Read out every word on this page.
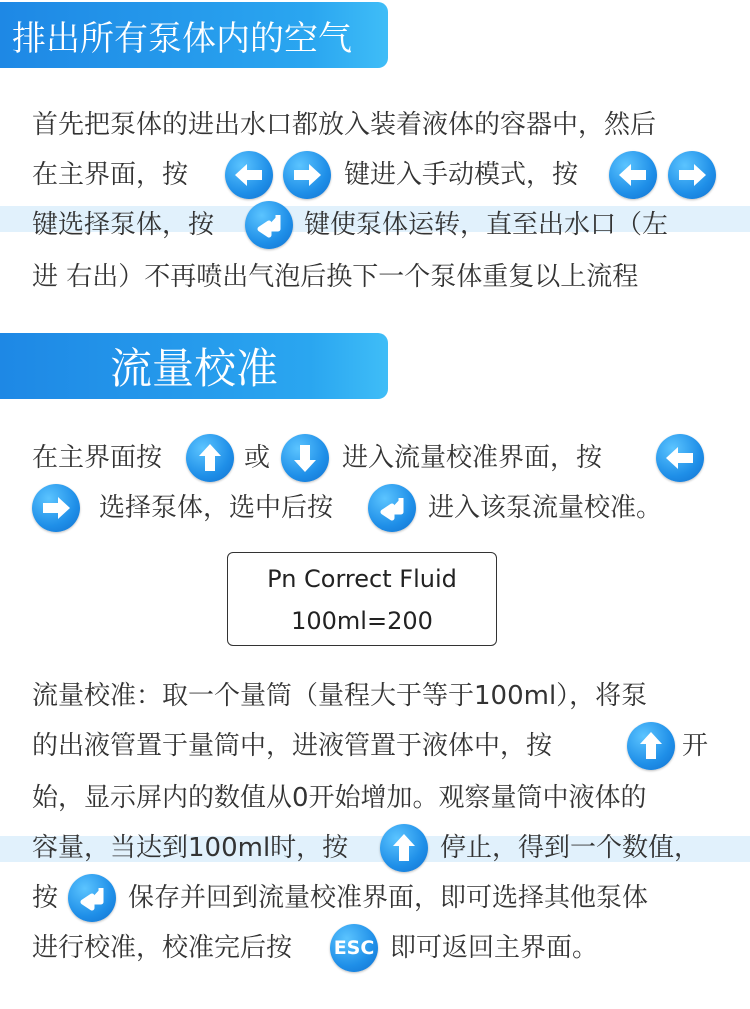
排出所有泵体内的空气
首先把泵体的进出水口都放入装着液体的容器中，然后
在主界面，按	键进入手动模式，按
键选择泵体，按	键使泵体运转，直至出水口（左
进 右出）不再喷出气泡后换下一个泵体重复以上流程
流量校准
在主界面按	或	进入流量校准界面，按
选择泵体，选中后按	进入该泵流量校准。
Pn Correct Fluid
100ml=200
流量校准：取一个量筒（量程大于等于100ml），将泵
的出液管置于量筒中，进液管置于液体中，按	开
始，显示屏内的数值从0开始增加。观察量筒中液体的
容量，当达到100ml时，按	停止，得到一个数值，
按	保存并回到流量校准界面，即可选择其他泵体
进行校准，校准完后按 ESC 即可返回主界面。
